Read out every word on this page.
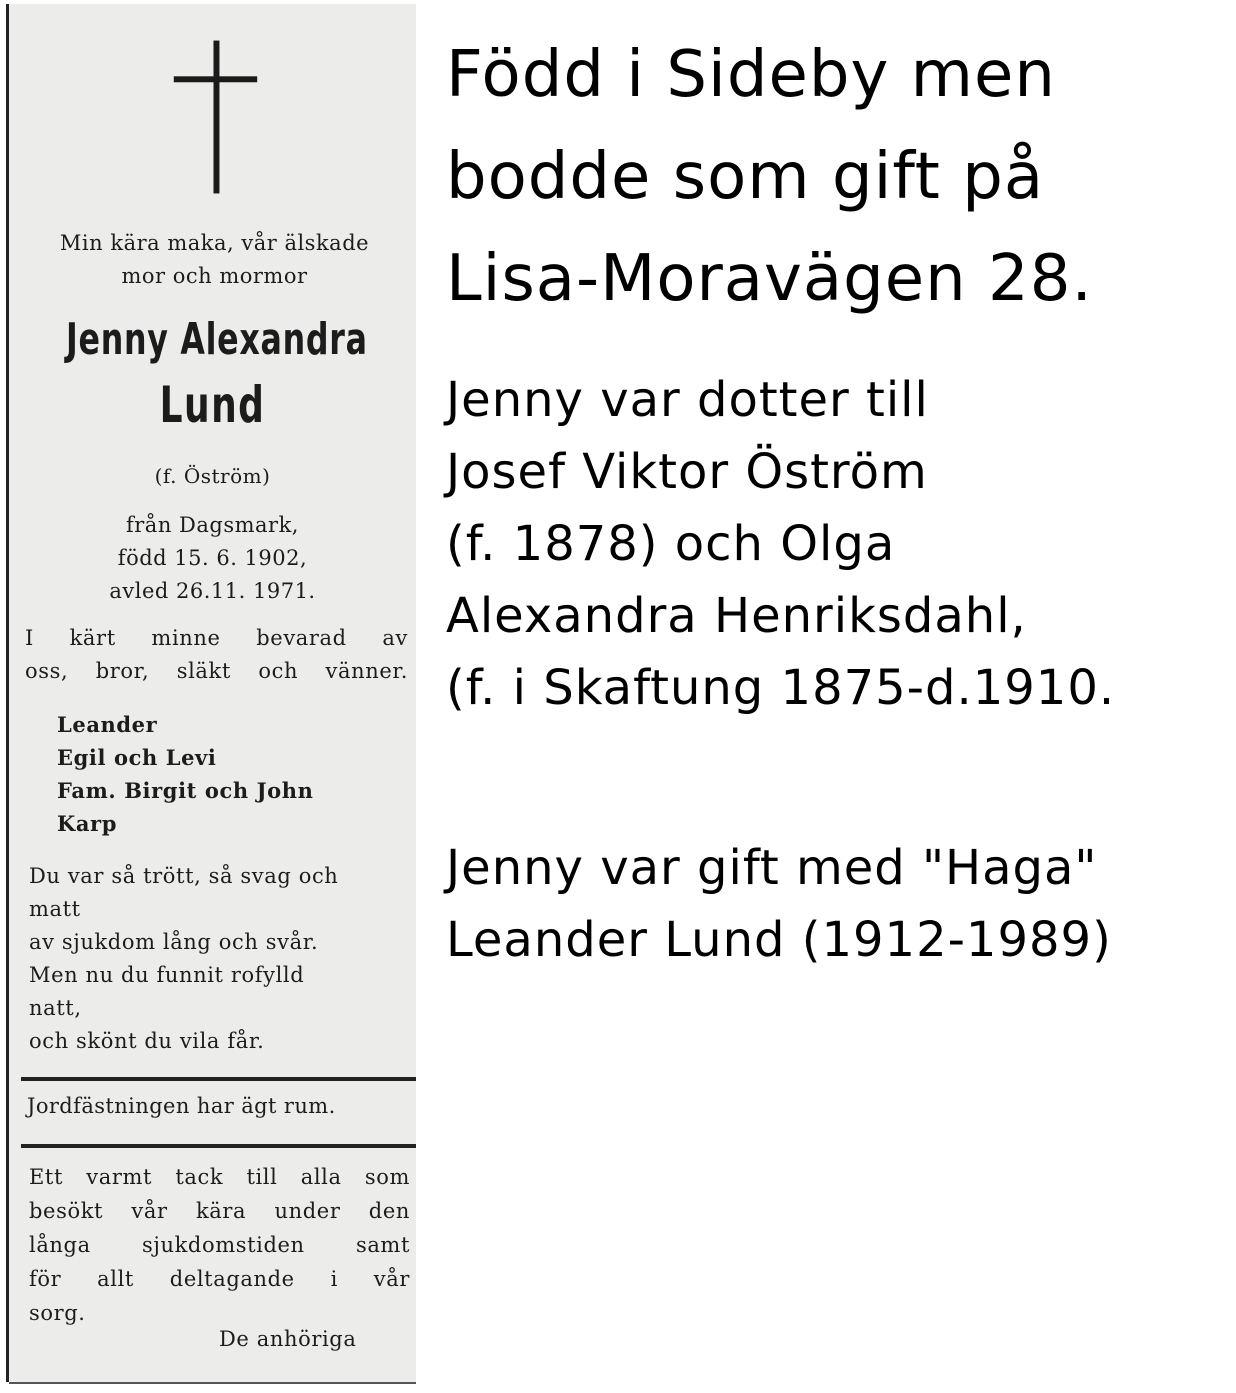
Min kära maka, vår älskade
mor och mormor
Jenny Alexandra
Lund
(f. Öström)
från Dagsmark,
född 15. 6. 1902,
avled 26.11. 1971.
I kärt minne bevarad av
oss, bror, släkt och vänner.
Leander
Egil och Levi
Fam. Birgit och John
Karp
Du var så trött, så svag och
matt
av sjukdom lång och svår.
Men nu du funnit rofylld
natt,
och skönt du vila får.
Jordfästningen har ägt rum.
Ett varmt tack till alla som
besökt vår kära under den
långa sjukdomstiden samt
för allt deltagande i vår
sorg.
De anhöriga
Född i Sideby men
bodde som gift på
Lisa-Moravägen 28.
Jenny var dotter till
Josef Viktor Öström
(f. 1878) och Olga
Alexandra Henriksdahl,
(f. i Skaftung 1875-d.1910.
Jenny var gift med "Haga"
Leander Lund (1912-1989)
